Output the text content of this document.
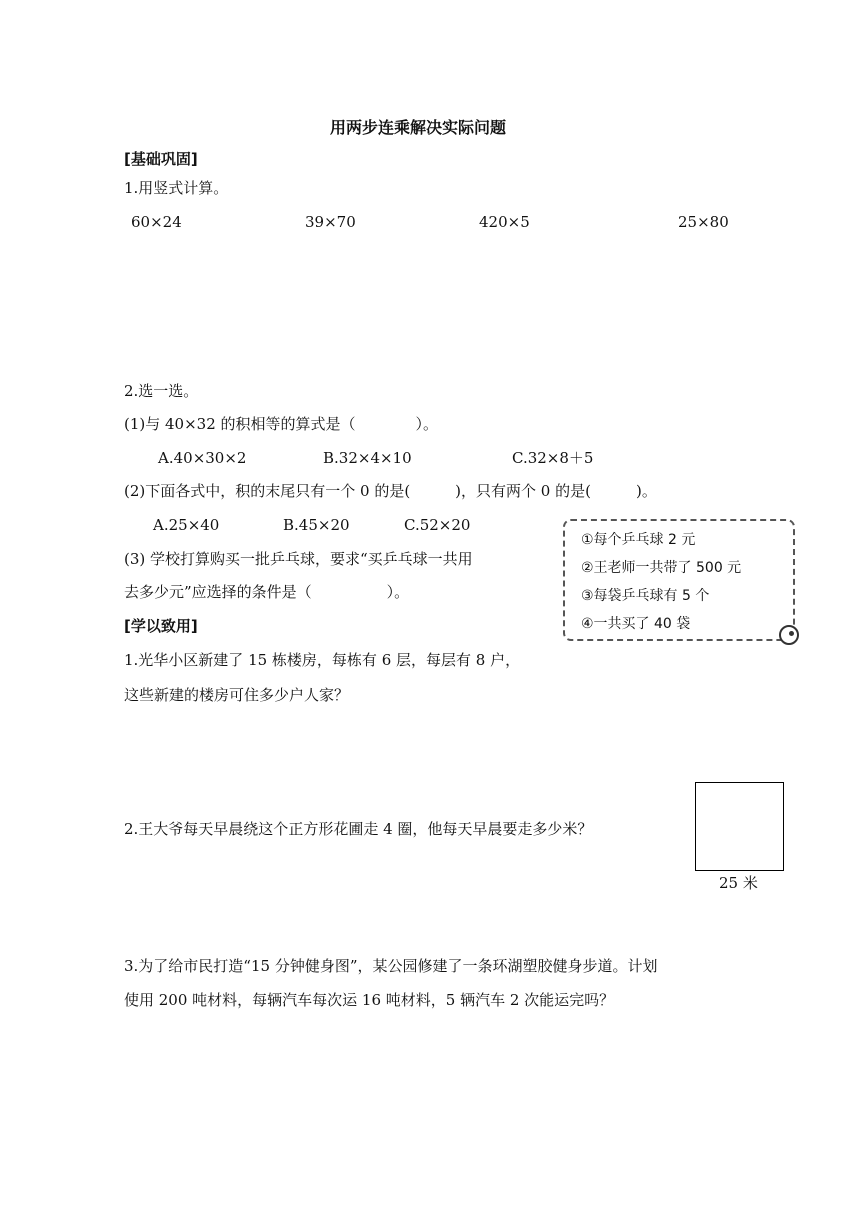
用两步连乘解决实际问题
[基础巩固]
1.用竖式计算。
60×24	39×70	420×5	25×80
2.选一选。
(1)与 40×32 的积相等的算式是（　　　　）。
A.40×30×2	B.32×4×10	C.32×8＋5
(2)下面各式中，积的末尾只有一个 0 的是(　　　)，只有两个 0 的是(　　　)。
A.25×40	B.45×20	C.52×20
(3) 学校打算购买一批乒乓球，要求“买乒乓球一共用
去多少元”应选择的条件是（　　　　　）。
①每个乒乓球 2 元
②王老师一共带了 500 元
③每袋乒乓球有 5 个
④一共买了 40 袋
[学以致用]
1.光华小区新建了 15 栋楼房，每栋有 6 层，每层有 8 户，
这些新建的楼房可住多少户人家？
2.王大爷每天早晨绕这个正方形花圃走 4 圈，他每天早晨要走多少米？
25 米
3.为了给市民打造“15 分钟健身图”，某公园修建了一条环湖塑胶健身步道。计划
使用 200 吨材料，每辆汽车每次运 16 吨材料，5 辆汽车 2 次能运完吗？
